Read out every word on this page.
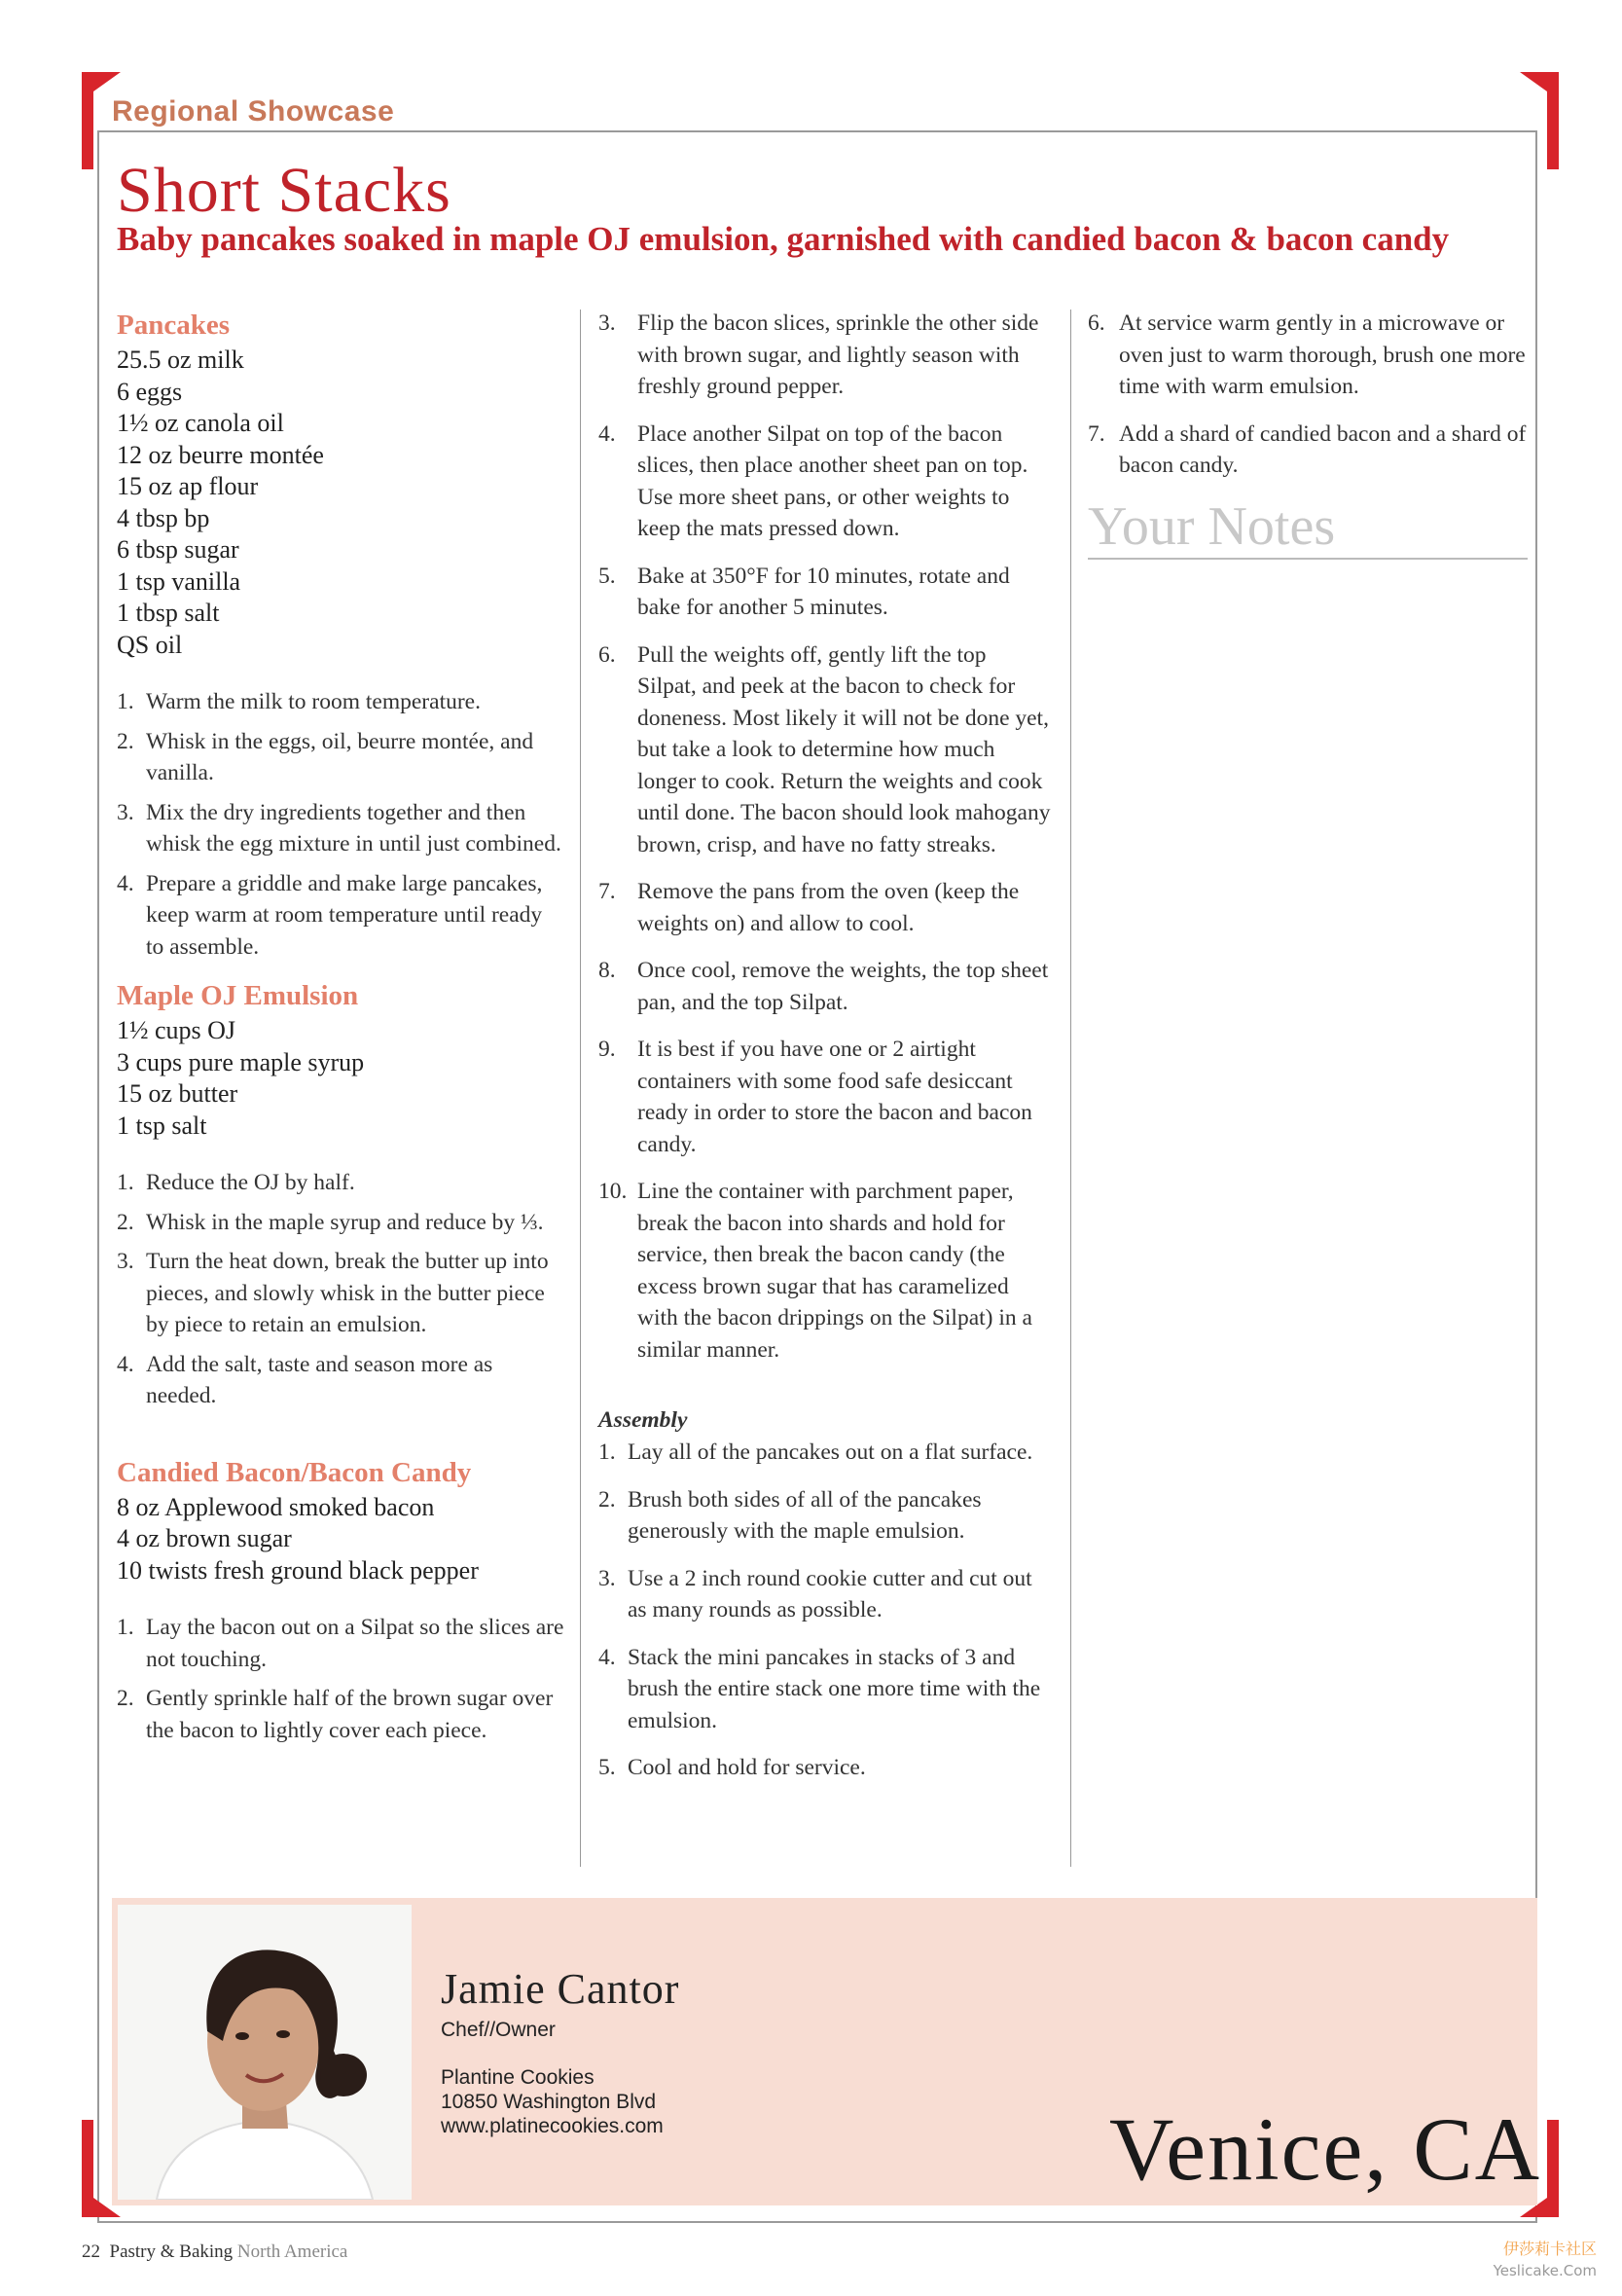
Regional Showcase
Short Stacks
Baby pancakes soaked in maple OJ emulsion, garnished with candied bacon & bacon candy
Pancakes
25.5 oz milk
6 eggs
1½ oz canola oil
12 oz beurre montée
15 oz ap flour
4 tbsp bp
6 tbsp sugar
1 tsp vanilla
1 tbsp salt
QS oil
1. Warm the milk to room temperature.
2. Whisk in the eggs, oil, beurre montée, and vanilla.
3. Mix the dry ingredients together and then whisk the egg mixture in until just combined.
4. Prepare a griddle and make large pancakes, keep warm at room temperature until ready to assemble.
Maple OJ Emulsion
1½ cups OJ
3 cups pure maple syrup
15 oz butter
1 tsp salt
1. Reduce the OJ by half.
2. Whisk in the maple syrup and reduce by ⅓.
3. Turn the heat down, break the butter up into pieces, and slowly whisk in the butter piece by piece to retain an emulsion.
4. Add the salt, taste and season more as needed.
Candied Bacon/Bacon Candy
8 oz Applewood smoked bacon
4 oz brown sugar
10 twists fresh ground black pepper
1. Lay the bacon out on a Silpat so the slices are not touching.
2. Gently sprinkle half of the brown sugar over the bacon to lightly cover each piece.
3. Flip the bacon slices, sprinkle the other side with brown sugar, and lightly season with freshly ground pepper.
4. Place another Silpat on top of the bacon slices, then place another sheet pan on top. Use more sheet pans, or other weights to keep the mats pressed down.
5. Bake at 350°F for 10 minutes, rotate and bake for another 5 minutes.
6. Pull the weights off, gently lift the top Silpat, and peek at the bacon to check for doneness. Most likely it will not be done yet, but take a look to determine how much longer to cook. Return the weights and cook until done. The bacon should look mahogany brown, crisp, and have no fatty streaks.
7. Remove the pans from the oven (keep the weights on) and allow to cool.
8. Once cool, remove the weights, the top sheet pan, and the top Silpat.
9. It is best if you have one or 2 airtight containers with some food safe desiccant ready in order to store the bacon and bacon candy.
10. Line the container with parchment paper, break the bacon into shards and hold for service, then break the bacon candy (the excess brown sugar that has caramelized with the bacon drippings on the Silpat) in a similar manner.
Assembly
1. Lay all of the pancakes out on a flat surface.
2. Brush both sides of all of the pancakes generously with the maple emulsion.
3. Use a 2 inch round cookie cutter and cut out as many rounds as possible.
4. Stack the mini pancakes in stacks of 3 and brush the entire stack one more time with the emulsion.
5. Cool and hold for service.
6. At service warm gently in a microwave or oven just to warm thorough, brush one more time with warm emulsion.
7. Add a shard of candied bacon and a shard of bacon candy.
Your Notes
Jamie Cantor
Chef//Owner
Plantine Cookies
10850 Washington Blvd
www.platinecookies.com	Venice, CA
22 Pastry & Baking North America	伊莎莉卡社区
Yeslicake.Com
